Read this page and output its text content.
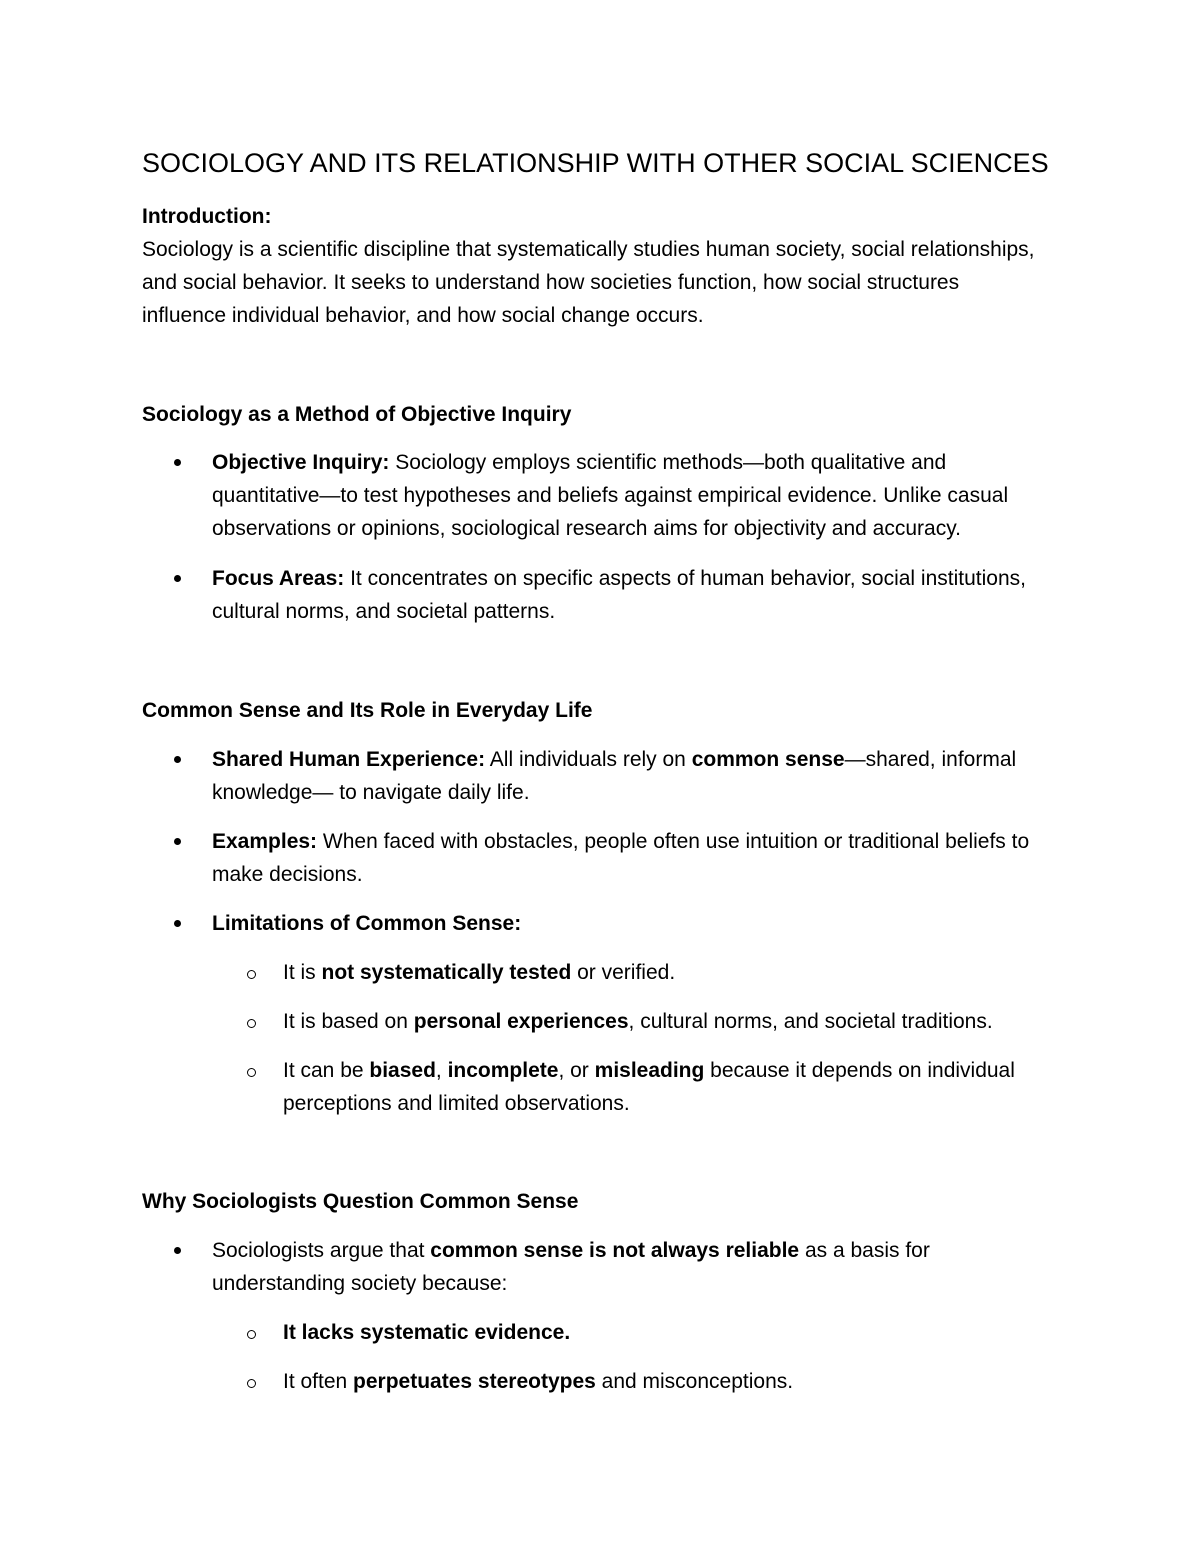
SOCIOLOGY AND ITS RELATIONSHIP WITH OTHER SOCIAL SCIENCES
Introduction:
Sociology is a scientific discipline that systematically studies human society, social relationships,
and social behavior. It seeks to understand how societies function, how social structures
influence individual behavior, and how social change occurs.
Sociology as a Method of Objective Inquiry
Objective Inquiry: Sociology employs scientific methods—both qualitative and
quantitative—to test hypotheses and beliefs against empirical evidence. Unlike casual
observations or opinions, sociological research aims for objectivity and accuracy.
Focus Areas: It concentrates on specific aspects of human behavior, social institutions,
cultural norms, and societal patterns.
Common Sense and Its Role in Everyday Life
Shared Human Experience: All individuals rely on common sense—shared, informal
knowledge— to navigate daily life.
Examples: When faced with obstacles, people often use intuition or traditional beliefs to
make decisions.
Limitations of Common Sense:
It is not systematically tested or verified.
It is based on personal experiences, cultural norms, and societal traditions.
It can be biased, incomplete, or misleading because it depends on individual
perceptions and limited observations.
Why Sociologists Question Common Sense
Sociologists argue that common sense is not always reliable as a basis for
understanding society because:
It lacks systematic evidence.
It often perpetuates stereotypes and misconceptions.
